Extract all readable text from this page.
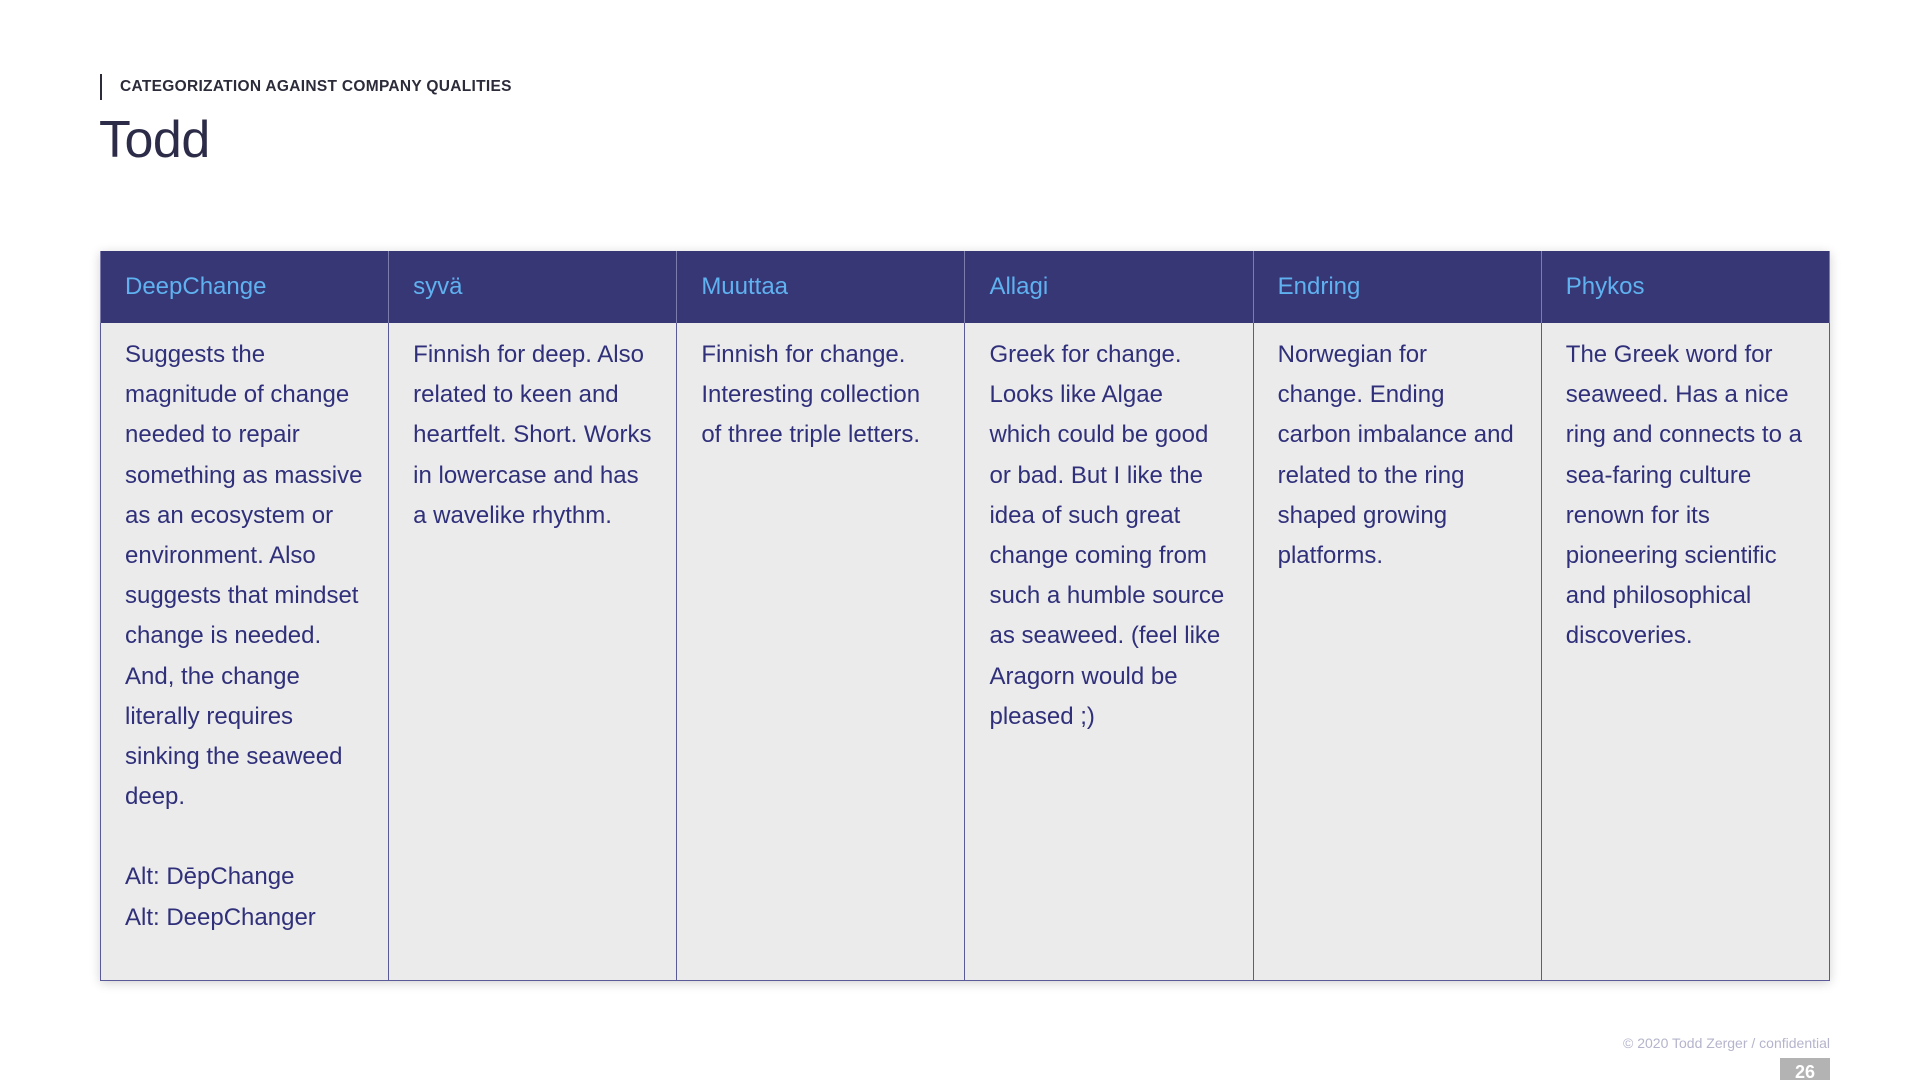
CATEGORIZATION AGAINST COMPANY QUALITIES
Todd
DeepChange	syvä	Muuttaa	Allagi	Endring	Phykos
Suggests the magnitude of change needed to repair something as massive as an ecosystem or environment. Also suggests that mindset change is needed. And, the change literally requires sinking the seaweed deep.
Alt: DēpChange
Alt: DeepChanger	Finnish for deep. Also related to keen and heartfelt. Short. Works in lowercase and has a wavelike rhythm.	Finnish for change. Interesting collection of three triple letters.	Greek for change. Looks like Algae which could be good or bad. But I like the idea of such great change coming from such a humble source as seaweed. (feel like Aragorn would be pleased ;)	Norwegian for change. Ending carbon imbalance and related to the ring shaped growing platforms.	The Greek word for seaweed. Has a nice ring and connects to a sea-faring culture renown for its pioneering scientific and philosophical discoveries.
© 2020 Todd Zerger / confidential
26
